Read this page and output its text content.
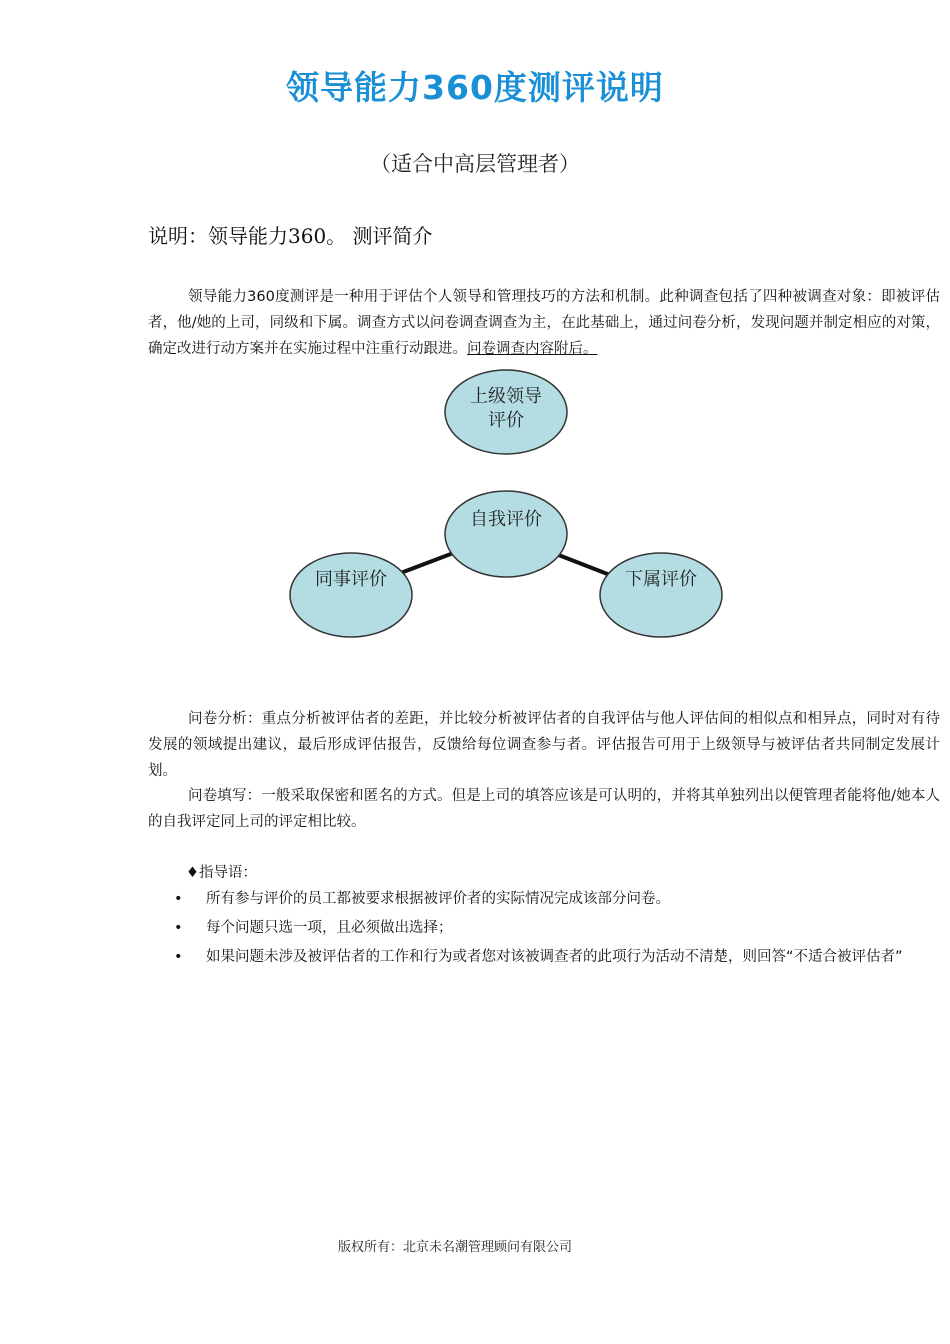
领导能力360度测评说明
（适合中高层管理者）
说明：领导能力360。 测评简介
领导能力360度测评是一种用于评估个人领导和管理技巧的方法和机制。此种调查包括了四种被调查对象：即被评估者，他/她的上司，同级和下属。调查方式以问卷调查调查为主，在此基础上，通过问卷分析，发现问题并制定相应的对策，确定改进行动方案并在实施过程中注重行动跟进。问卷调查内容附后。
上级领导
评价
自我评价
同事评价	下属评价
问卷分析：重点分析被评估者的差距，并比较分析被评估者的自我评估与他人评估间的相似点和相异点，同时对有待发展的领域提出建议，最后形成评估报告，反馈给每位调查参与者。评估报告可用于上级领导与被评估者共同制定发展计划。
问卷填写：一般采取保密和匿名的方式。但是上司的填答应该是可认明的，并将其单独列出以便管理者能将他/她本人的自我评定同上司的评定相比较。
♦指导语：
• 所有参与评价的员工都被要求根据被评价者的实际情况完成该部分问卷。
• 每个问题只选一项，且必须做出选择；
• 如果问题未涉及被评估者的工作和行为或者您对该被调查者的此项行为活动不清楚，则回答“不适合被评估者”
版权所有：北京未名潮管理顾问有限公司
